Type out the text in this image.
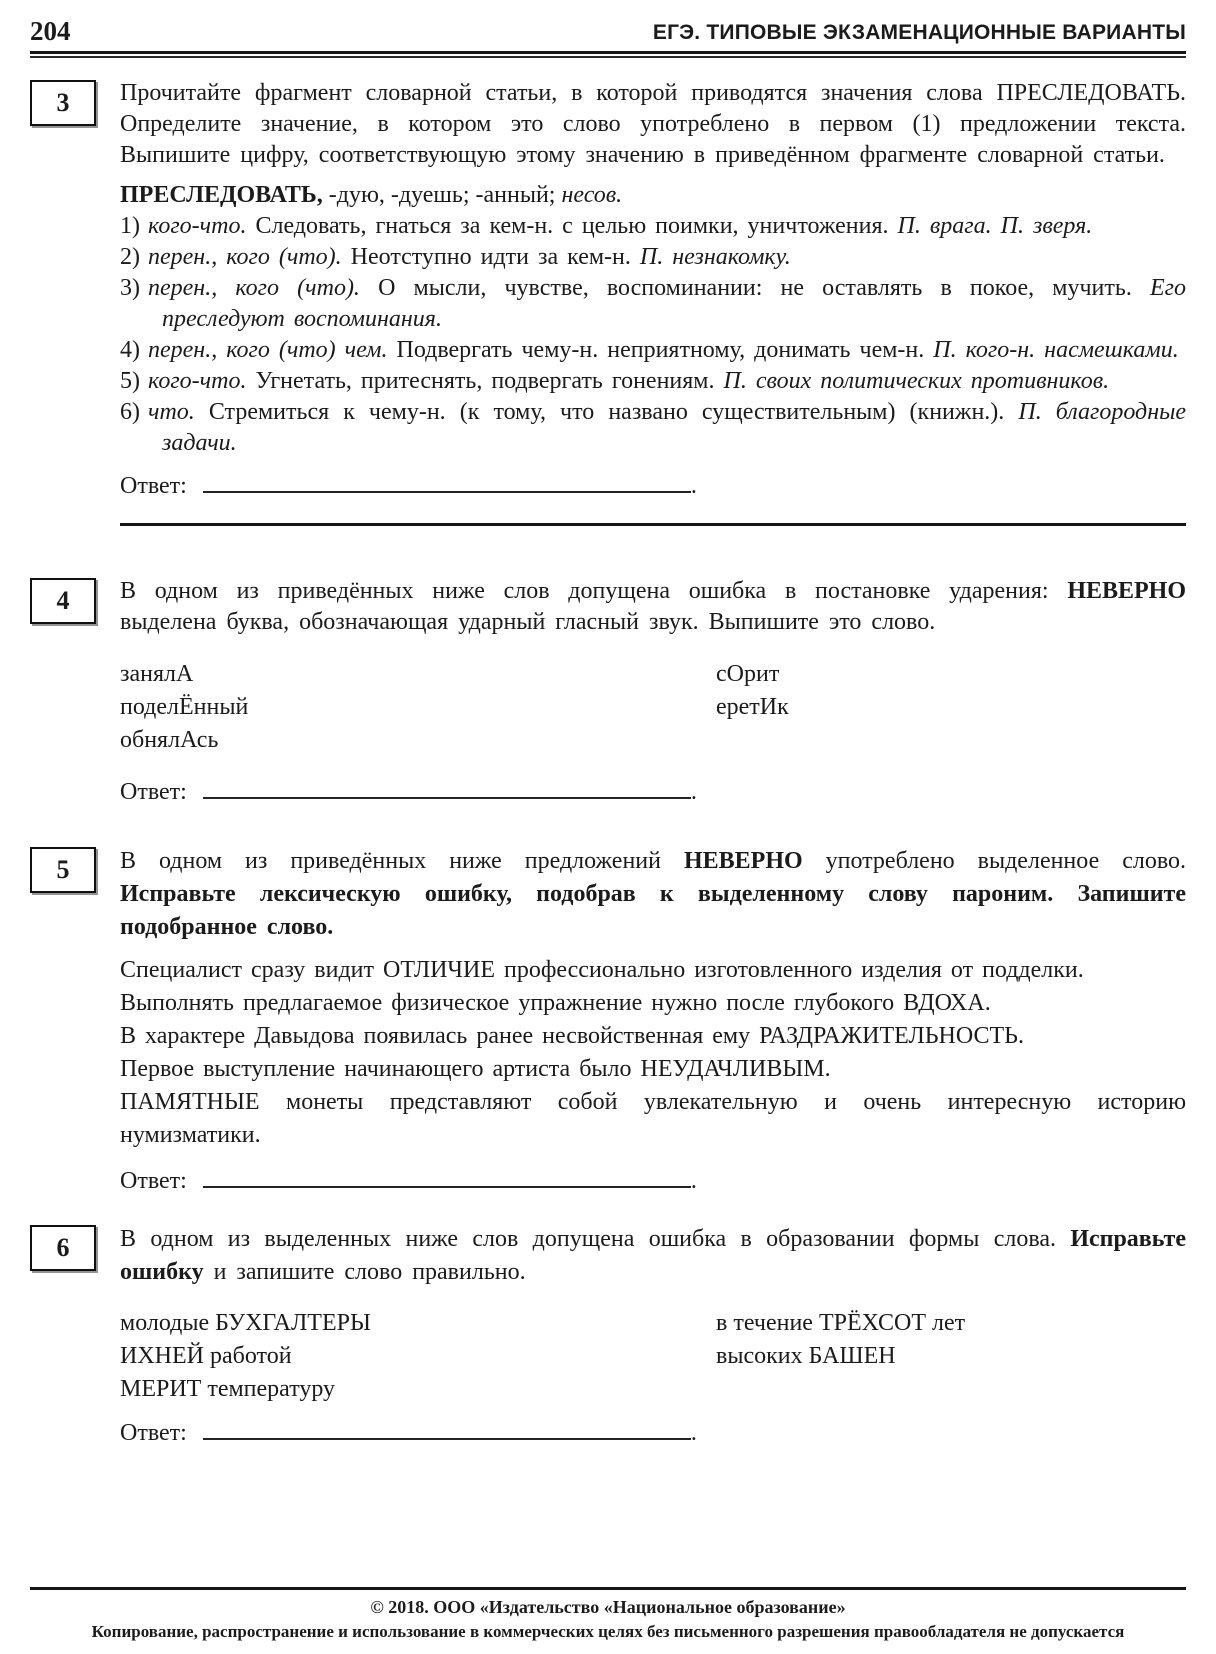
204	ЕГЭ. ТИПОВЫЕ ЭКЗАМЕНАЦИОННЫЕ ВАРИАНТЫ
3	Прочитайте фрагмент словарной статьи, в которой приводятся значения слова ПРЕСЛЕДОВАТЬ. Определите значение, в котором это слово употреблено в первом (1) предложении текста. Выпишите цифру, соответствующую этому значению в приведённом фрагменте словарной статьи.

ПРЕСЛЕДОВАТЬ, -дую, -дуешь; -анный; несов.

1) кого-что. Следовать, гнаться за кем-н. с целью поимки, уничтожения. П. врага. П. зверя.
2) перен., кого (что). Неотступно идти за кем-н. П. незнакомку.
3) перен., кого (что). О мысли, чувстве, воспоминании: не оставлять в покое, мучить. Его преследуют воспоминания.
4) перен., кого (что) чем. Подвергать чему-н. неприятному, донимать чем-н. П. кого-н. насмешками.
5) кого-что. Угнетать, притеснять, подвергать гонениям. П. своих политических противников.
6) что. Стремиться к чему-н. (к тому, что названо существительным) (книжн.). П. благородные задачи.
Ответ:	.
4	В одном из приведённых ниже слов допущена ошибка в постановке ударения: НЕВЕРНО выделена буква, обозначающая ударный гласный звук. Выпишите это слово.

занялА
поделЁнный
обнялАсь
сОрит
еретИк
Ответ:	.
5	В одном из приведённых ниже предложений НЕВЕРНО употреблено выделенное слово. Исправьте лексическую ошибку, подобрав к выделенному слову пароним. Запишите подобранное слово.

Специалист сразу видит ОТЛИЧИЕ профессионально изготовленного изделия от подделки.
Выполнять предлагаемое физическое упражнение нужно после глубокого ВДОХА.
В характере Давыдова появилась ранее несвойственная ему РАЗДРАЖИТЕЛЬНОСТЬ.
Первое выступление начинающего артиста было НЕУДАЧЛИВЫМ.
ПАМЯТНЫЕ монеты представляют собой увлекательную и очень интересную историю нумизматики.
Ответ:	.
6	В одном из выделенных ниже слов допущена ошибка в образовании формы слова. Исправьте ошибку и запишите слово правильно.

молодые БУХГАЛТЕРЫ
ИХНЕЙ работой
МЕРИТ температуру
в течение ТРЁХСОТ лет
высоких БАШЕН
Ответ:	.
© 2018. ООО «Издательство «Национальное образование»
Копирование, распространение и использование в коммерческих целях без письменного разрешения правообладателя не допускается
